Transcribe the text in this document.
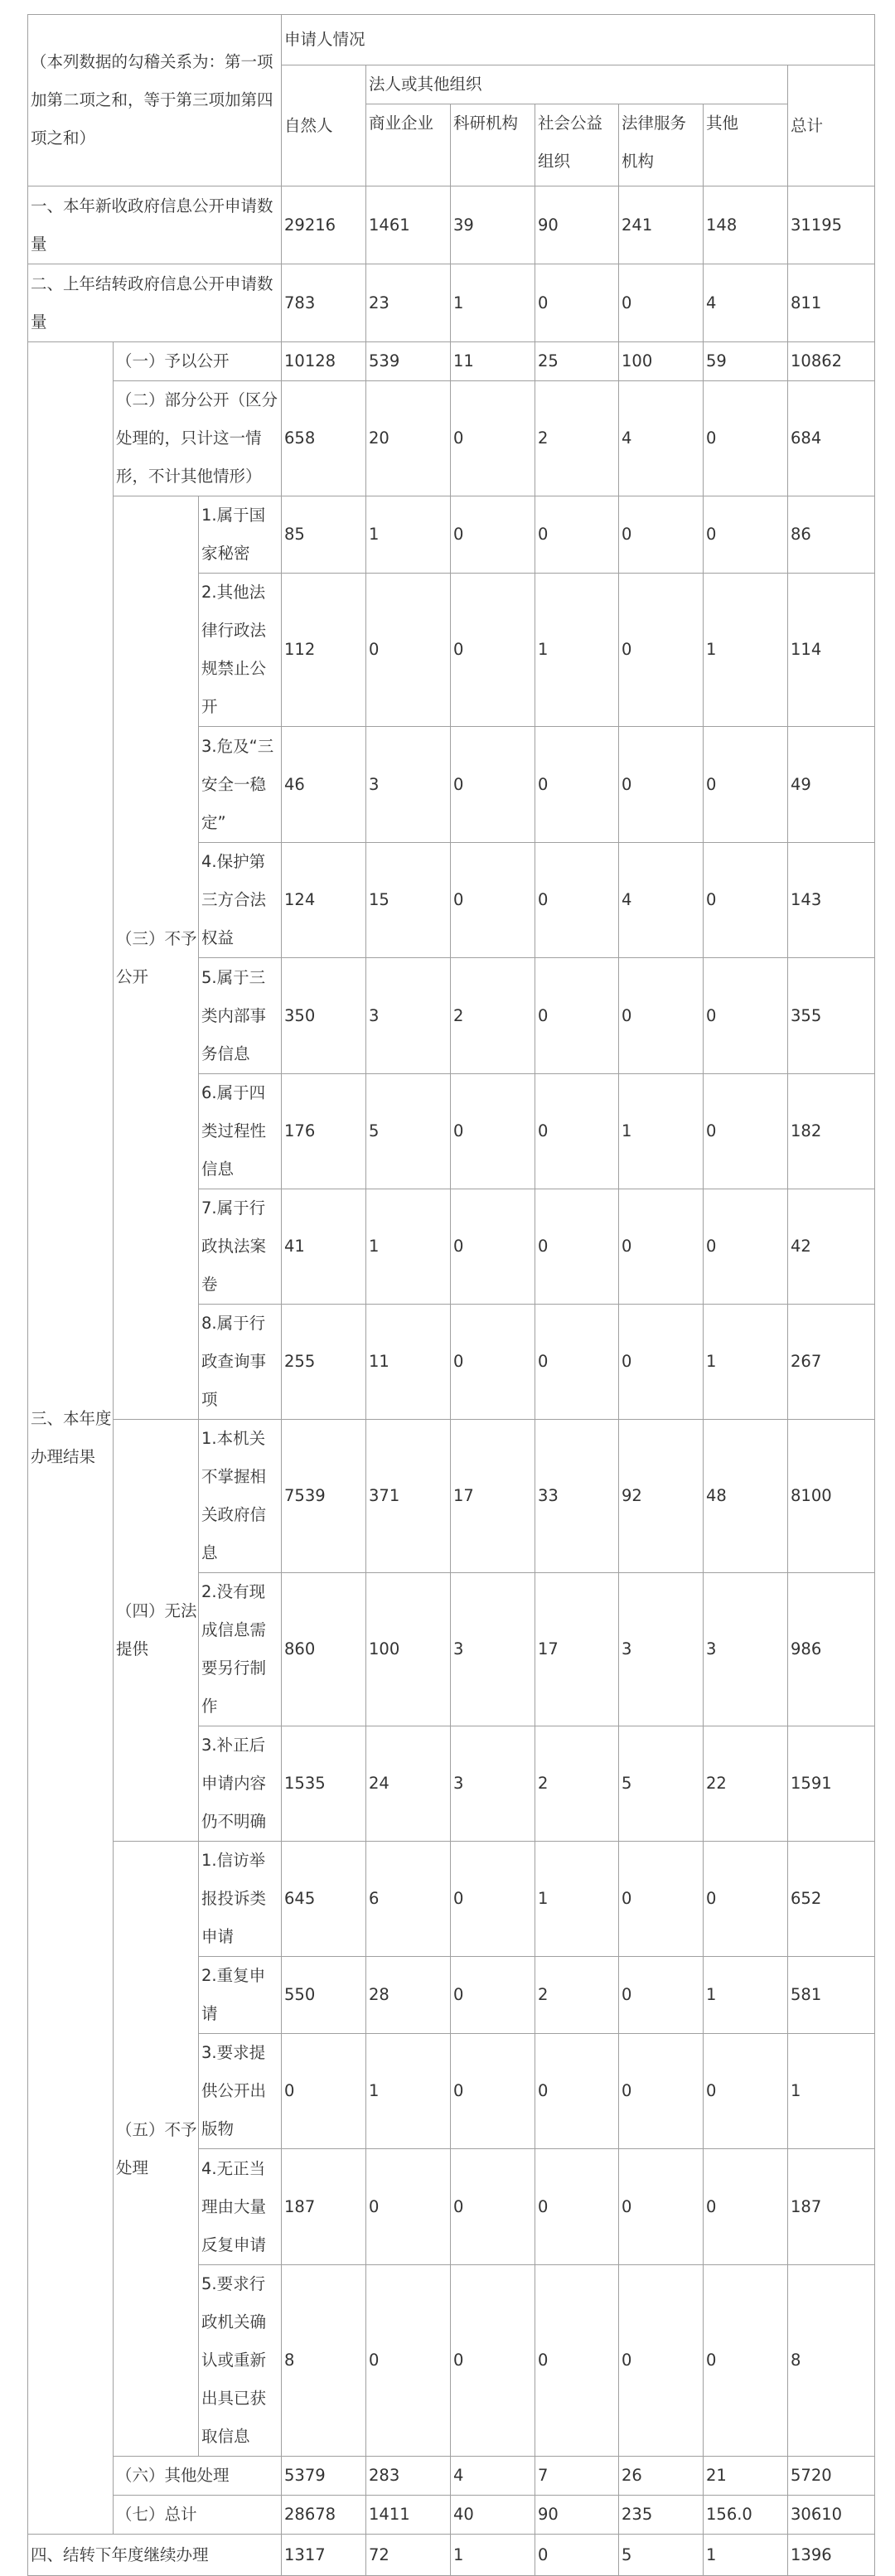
（本列数据的勾稽关系为：第一项加第二项之和，等于第三项加第四项之和）			申请人情况						
			自然人	法人或其他组织					总计
				商业企业	科研机构	社会公益组织	法律服务机构	其他	
一、本年新收政府信息公开申请数量			29216	1461	39	90	241	148	31195
二、上年结转政府信息公开申请数量			783	23	1	0	0	4	811
三、本年度办理结果	（一）予以公开		10128	539	11	25	100	59	10862
	（二）部分公开（区分处理的，只计这一情形，不计其他情形）		658	20	0	2	4	0	684
	（三）不予公开	1.属于国家秘密	85	1	0	0	0	0	86
		2.其他法律行政法规禁止公开	112	0	0	1	0	1	114
		3.危及“三安全一稳定”	46	3	0	0	0	0	49
		4.保护第三方合法权益	124	15	0	0	4	0	143
		5.属于三类内部事务信息	350	3	2	0	0	0	355
		6.属于四类过程性信息	176	5	0	0	1	0	182
		7.属于行政执法案卷	41	1	0	0	0	0	42
		8.属于行政查询事项	255	11	0	0	0	1	267
	（四）无法提供	1.本机关不掌握相关政府信息	7539	371	17	33	92	48	8100
		2.没有现成信息需要另行制作	860	100	3	17	3	3	986
		3.补正后申请内容仍不明确	1535	24	3	2	5	22	1591
	（五）不予处理	1.信访举报投诉类申请	645	6	0	1	0	0	652
		2.重复申请	550	28	0	2	0	1	581
		3.要求提供公开出版物	0	1	0	0	0	0	1
		4.无正当理由大量反复申请	187	0	0	0	0	0	187
		5.要求行政机关确认或重新出具已获取信息	8	0	0	0	0	0	8
	（六）其他处理		5379	283	4	7	26	21	5720
	（七）总计		28678	1411	40	90	235	156.0	30610
四、结转下年度继续办理			1317	72	1	0	5	1	1396
